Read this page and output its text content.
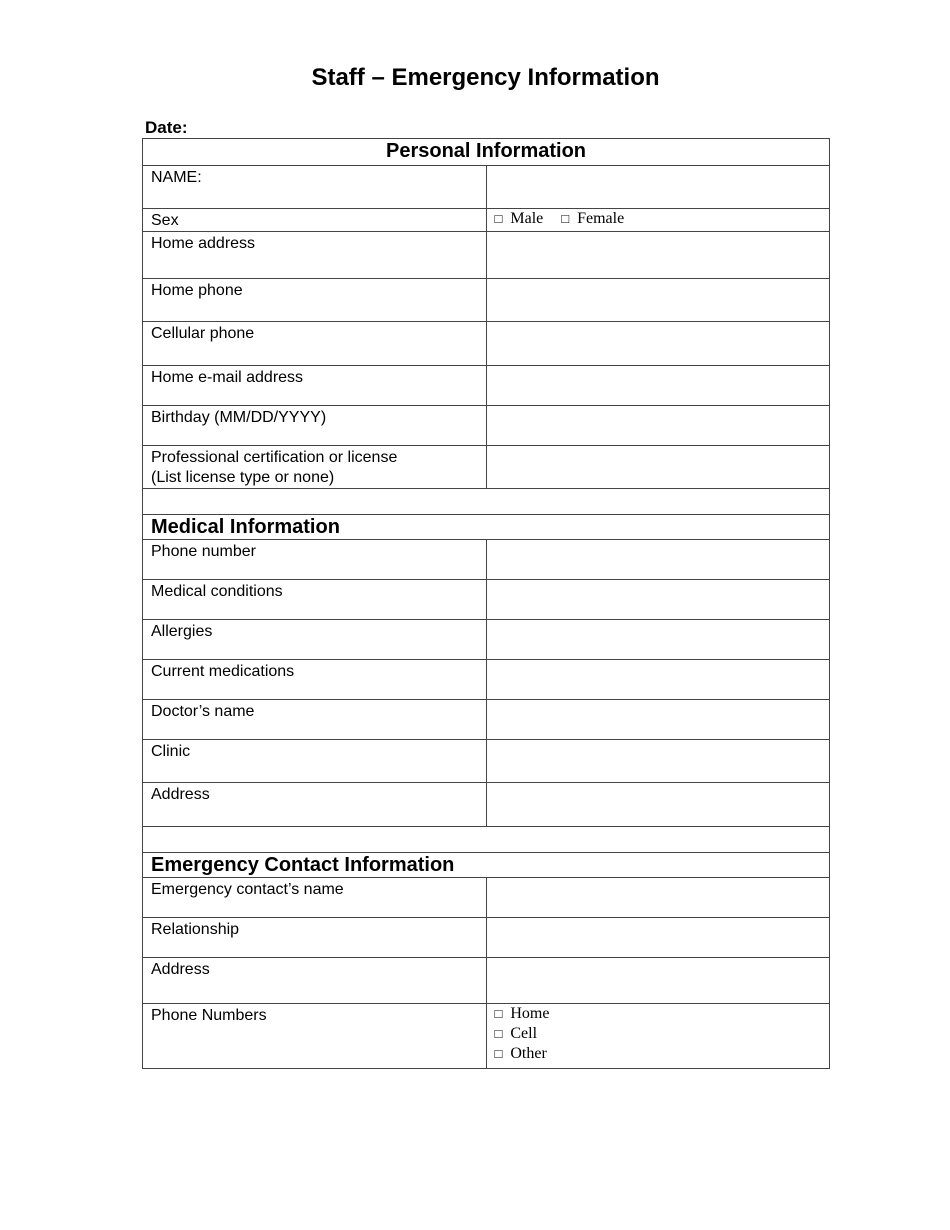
Staff – Emergency Information
Date:
Personal Information	
NAME:	
Sex	□ Male □ Female
Home address	
Home phone	
Cellular phone	
Home e-mail address	
Birthday (MM/DD/YYYY)	

Professional certification or license
(List license type or none)	

Medical Information	
Phone number	
Medical conditions	
Allergies	
Current medications	
Doctor’s name	
Clinic	
Address	

Emergency Contact Information	
Emergency contact’s name	
Relationship	
Address	
Phone Numbers	□ Home
□ Cell
□ Other
